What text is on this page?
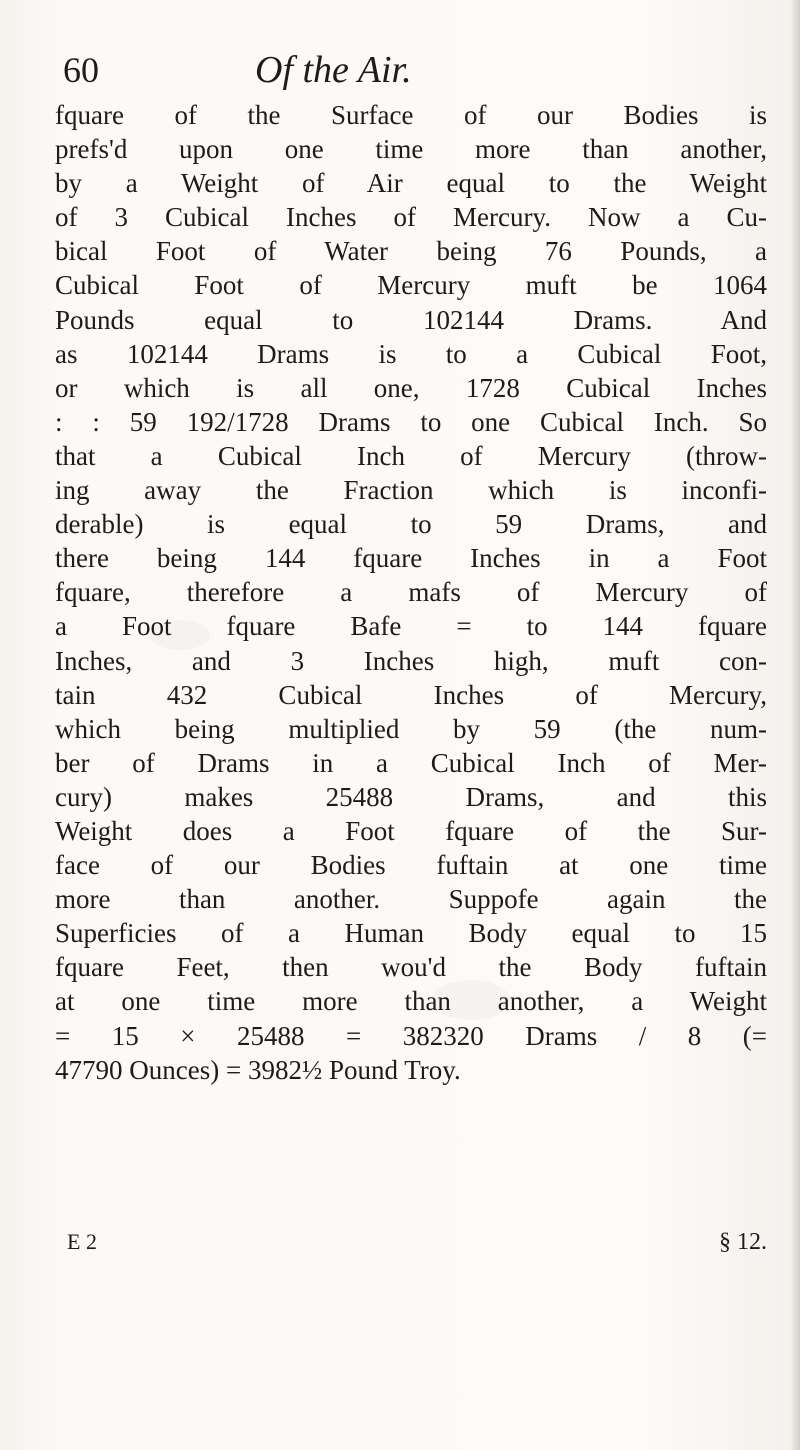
60	Of the Air.
fquare of the Surface of our Bodies is
prefs'd upon one time more than another,
by a Weight of Air equal to the Weight
of 3 Cubical Inches of Mercury. Now a Cu-
bical Foot of Water being 76 Pounds, a
Cubical Foot of Mercury muft be 1064
Pounds equal to 102144 Drams. And
as 102144 Drams is to a Cubical Foot,
or which is all one, 1728 Cubical Inches
: : 59 192/1728 Drams to one Cubical Inch. So
that a Cubical Inch of Mercury (throw-
ing away the Fraction which is inconfi-
derable) is equal to 59 Drams, and
there being 144 fquare Inches in a Foot
fquare, therefore a mafs of Mercury of
a Foot fquare Bafe = to 144 fquare
Inches, and 3 Inches high, muft con-
tain 432 Cubical Inches of Mercury,
which being multiplied by 59 (the num-
ber of Drams in a Cubical Inch of Mer-
cury) makes 25488 Drams, and this
Weight does a Foot fquare of the Sur-
face of our Bodies fuftain at one time
more than another. Suppofe again the
Superficies of a Human Body equal to 15
fquare Feet, then wou'd the Body fuftain
at one time more than another, a Weight
= 15 × 25488 = 382320 Drams / 8 (=
47790 Ounces) = 3982½ Pound Troy.
E 2	§ 12.
